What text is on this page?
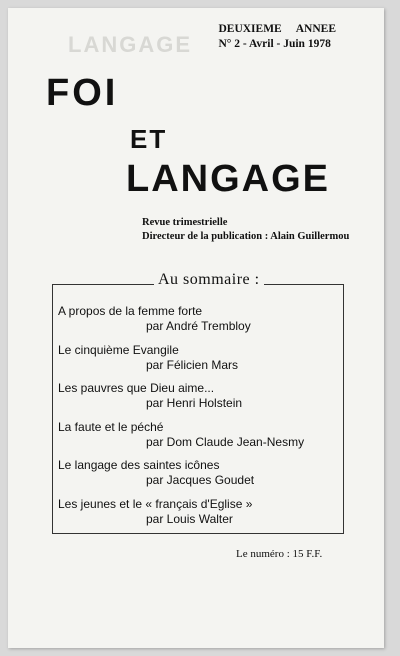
LANGAGE
DEUXIEME ANNEE
N° 2 - Avril - Juin 1978
FOI
ET
LANGAGE
Revue trimestrielle
Directeur de la publication : Alain Guillermou
Au sommaire :
A propos de la femme forte
par André Trembloy
Le cinquième Evangile
par Félicien Mars
Les pauvres que Dieu aime...
par Henri Holstein
La faute et le péché
par Dom Claude Jean-Nesmy
Le langage des saintes icônes
par Jacques Goudet
Les jeunes et le « français d'Eglise »
par Louis Walter
Le numéro : 15 F.F.
